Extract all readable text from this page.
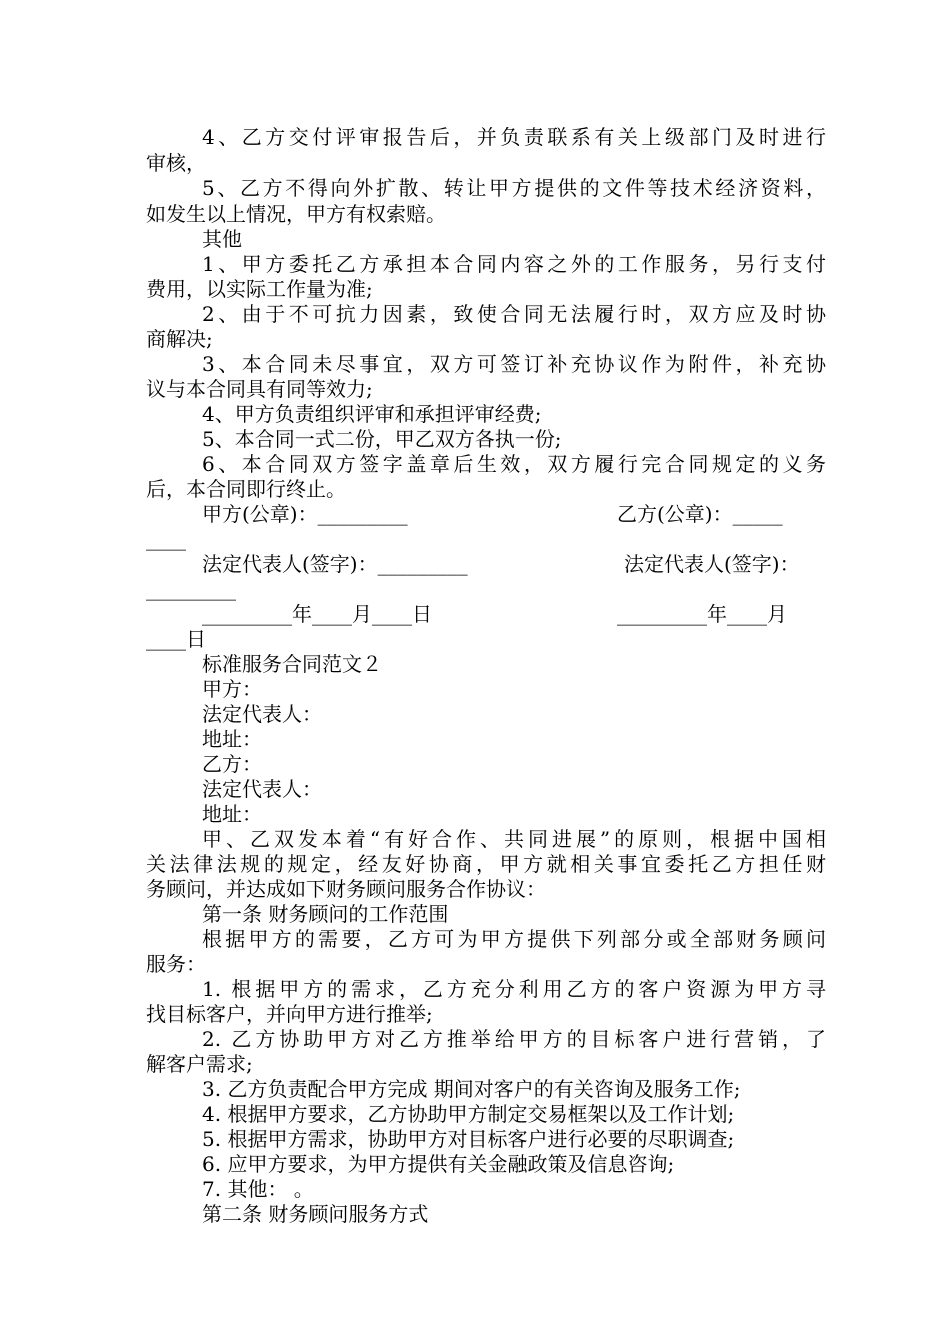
4、乙方交付评审报告后，并负责联系有关上级部门及时进行

审核，

5、乙方不得向外扩散、转让甲方提供的文件等技术经济资料，

如发生以上情况，甲方有权索赔。

其他

1、甲方委托乙方承担本合同内容之外的工作服务，另行支付

费用，以实际工作量为准;

2、由于不可抗力因素，致使合同无法履行时，双方应及时协

商解决;

3、本合同未尽事宜，双方可签订补充协议作为附件，补充协

议与本合同具有同等效力;

4、甲方负责组织评审和承担评审经费;

5、本合同一式二份，甲乙双方各执一份;

6、本合同双方签字盖章后生效，双方履行完合同规定的义务

后，本合同即行终止。

甲方(公章)：_________	乙方(公章)：_____

____

法定代表人(签字)：_________	法定代表人(签字)：

_________

_________年____月____日	_________年____月

____日

标准服务合同范文２

甲方：

法定代表人：

地址：

乙方：

法定代表人：

地址：

甲、乙双发本着“有好合作、共同进展”的原则，根据中国相

关法律法规的规定，经友好协商，甲方就相关事宜委托乙方担任财

务顾问，并达成如下财务顾问服务合作协议：

第一条 财务顾问的工作范围

根据甲方的需要，乙方可为甲方提供下列部分或全部财务顾问

服务：

1. 根据甲方的需求，乙方充分利用乙方的客户资源为甲方寻

找目标客户，并向甲方进行推举;

2. 乙方协助甲方对乙方推举给甲方的目标客户进行营销，了

解客户需求;

3. 乙方负责配合甲方完成 期间对客户的有关咨询及服务工作;

4. 根据甲方要求，乙方协助甲方制定交易框架以及工作计划;

5. 根据甲方需求，协助甲方对目标客户进行必要的尽职调查;

6. 应甲方要求，为甲方提供有关金融政策及信息咨询;

7. 其他： 。

第二条 财务顾问服务方式
